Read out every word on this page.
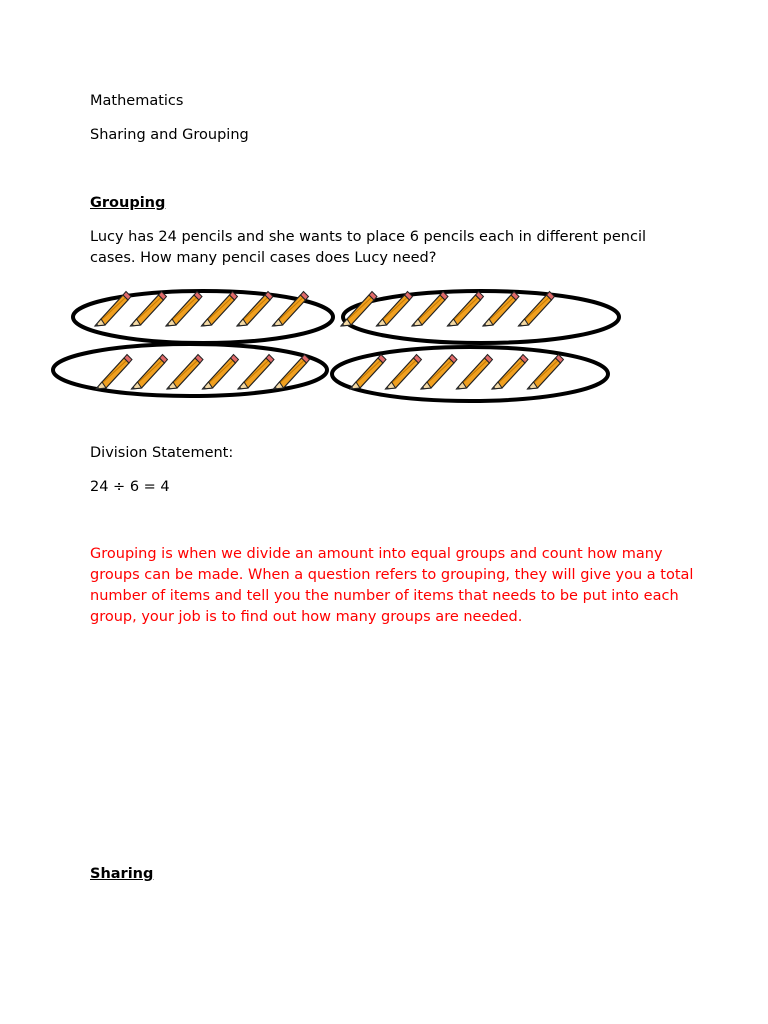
Mathematics

Sharing and Grouping

Grouping

Lucy has 24 pencils and she wants to place 6 pencils each in different pencil cases. How many pencil cases does Lucy need?

Division Statement:

24 ÷ 6 = 4

Grouping is when we divide an amount into equal groups and count how many groups can be made. When a question refers to grouping, they will give you a total number of items and tell you the number of items that needs to be put into each group, your job is to find out how many groups are needed.

Sharing
